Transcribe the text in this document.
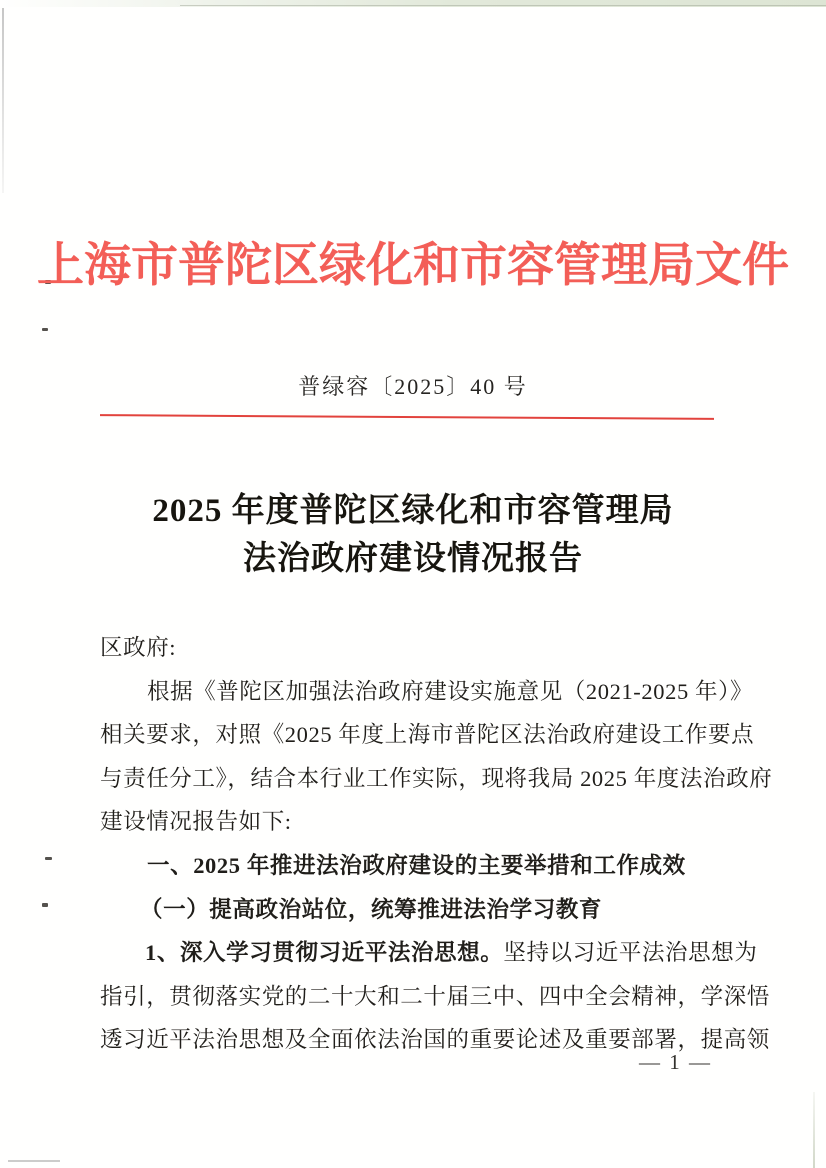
上海市普陀区绿化和市容管理局文件
普绿容〔2025〕40 号
2025 年度普陀区绿化和市容管理局
法治政府建设情况报告
区政府:
根据《普陀区加强法治政府建设实施意见（2021-2025 年）》
相关要求，对照《2025 年度上海市普陀区法治政府建设工作要点
与责任分工》，结合本行业工作实际，现将我局 2025 年度法治政府
建设情况报告如下:
一、2025 年推进法治政府建设的主要举措和工作成效
（一）提高政治站位，统筹推进法治学习教育
1、深入学习贯彻习近平法治思想。坚持以习近平法治思想为
指引，贯彻落实党的二十大和二十届三中、四中全会精神，学深悟
透习近平法治思想及全面依法治国的重要论述及重要部署，提高领
— 1 —
